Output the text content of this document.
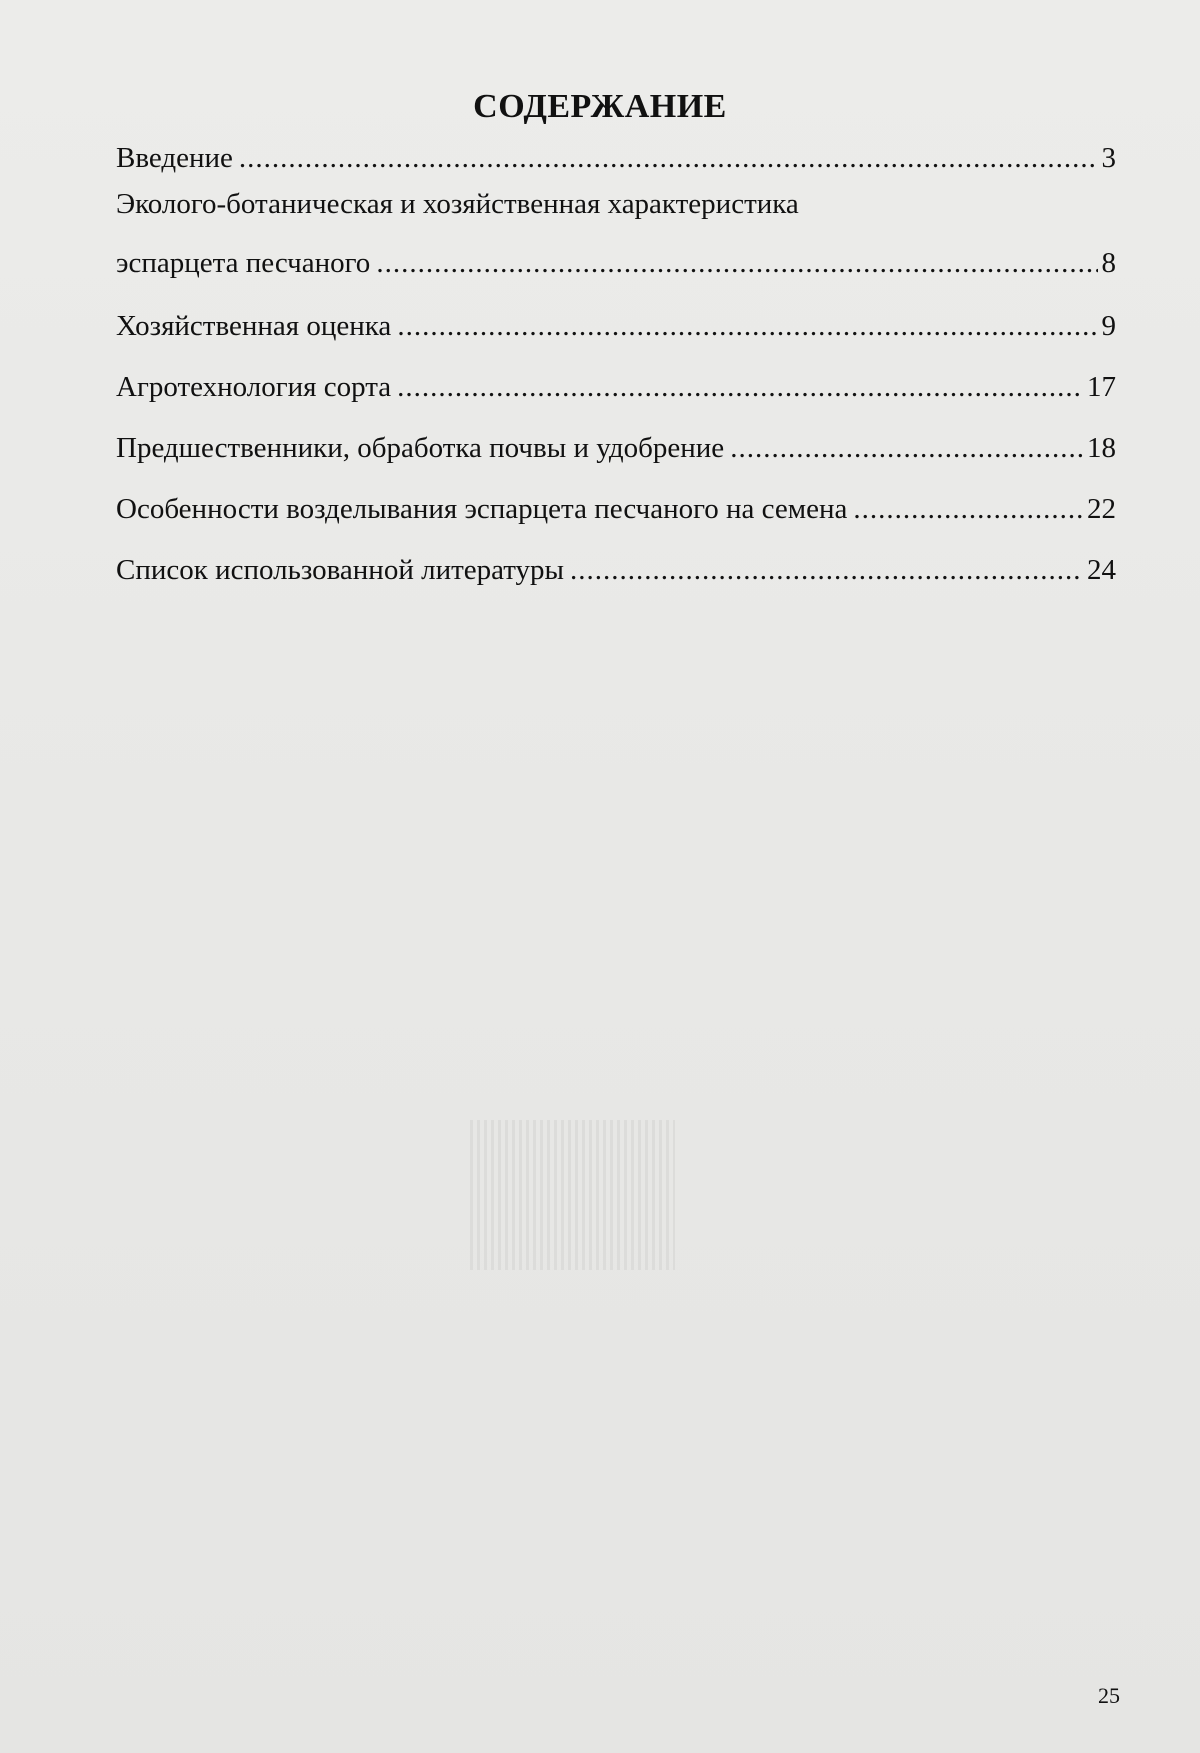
СОДЕРЖАНИЕ
Введение .....	3
Эколого-ботаническая и хозяйственная характеристика
эспарцета песчаного .....	8
Хозяйственная оценка .....	9
Агротехнология сорта .....	17
Предшественники, обработка почвы и удобрение .....	18
Особенности возделывания эспарцета песчаного на семена .....	22
Список использованной литературы .....	24

25
